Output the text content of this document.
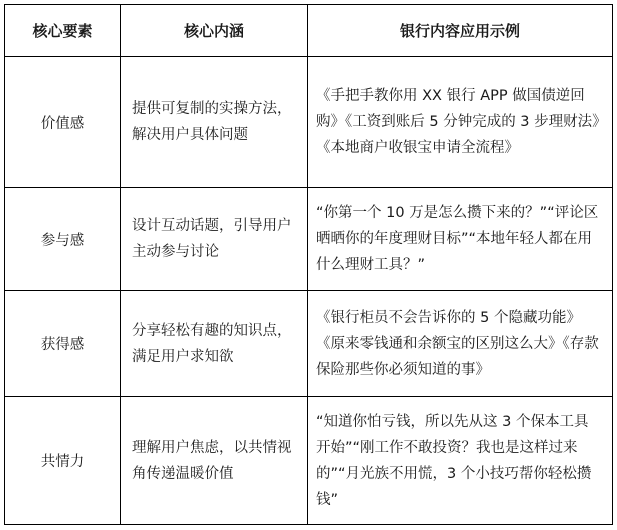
核心要素	核心内涵	银行内容应用示例
价值感	提供可复制的实操方法，解决用户具体问题	《手把手教你用 XX 银行 APP 做国债逆回购》《工资到账后 5 分钟完成的 3 步理财法》《本地商户收银宝申请全流程》
参与感	设计互动话题，引导用户主动参与讨论	“你第一个 10 万是怎么攒下来的？”“评论区晒晒你的年度理财目标”“本地年轻人都在用什么理财工具？”
获得感	分享轻松有趣的知识点，满足用户求知欲	《银行柜员不会告诉你的 5 个隐藏功能》《原来零钱通和余额宝的区别这么大》《存款保险那些你必须知道的事》
共情力	理解用户焦虑，以共情视角传递温暖价值	“知道你怕亏钱，所以先从这 3 个保本工具开始”“刚工作不敢投资？我也是这样过来的”“月光族不用慌，3 个小技巧帮你轻松攒钱”
